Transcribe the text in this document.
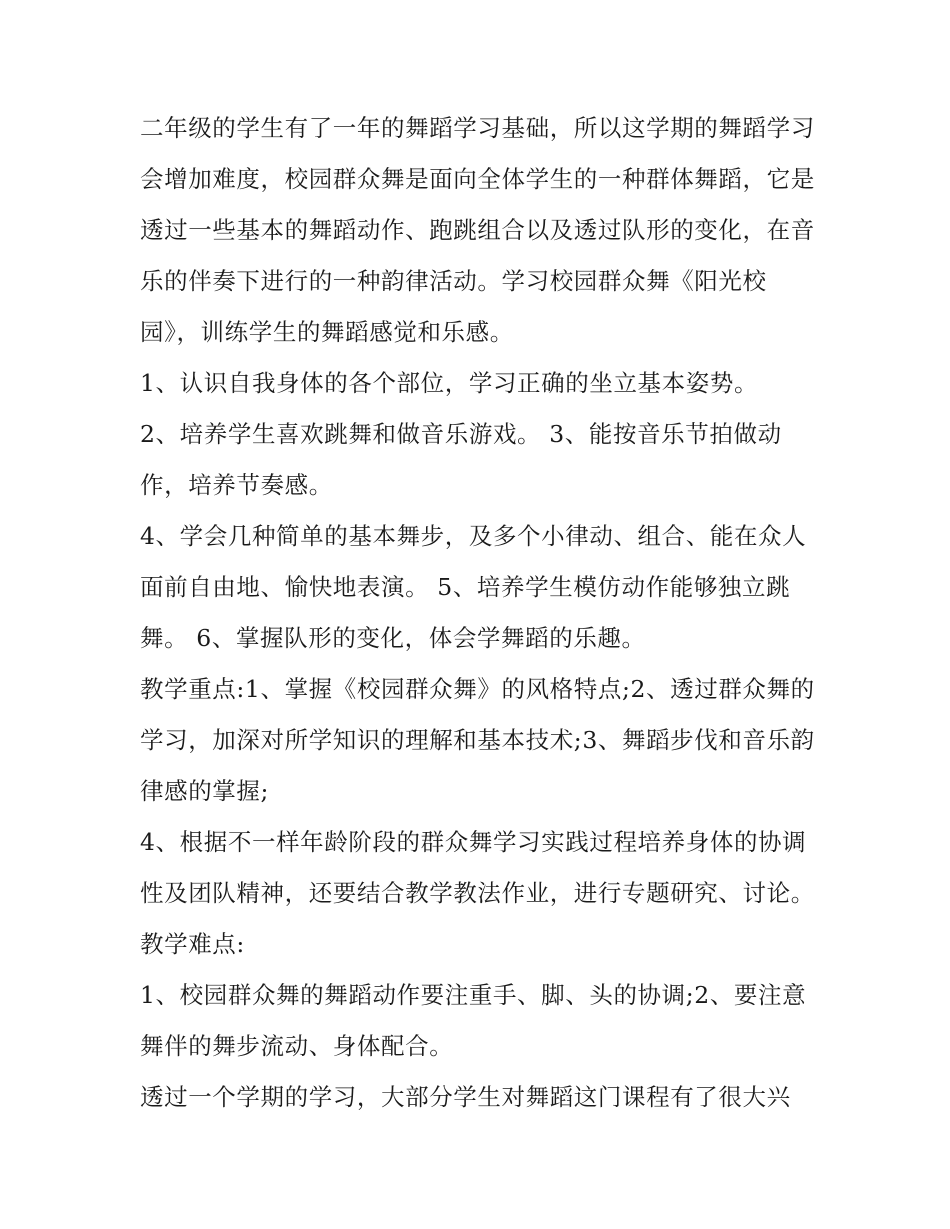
二年级的学生有了一年的舞蹈学习基础，所以这学期的舞蹈学习会增加难度，校园群众舞是面向全体学生的一种群体舞蹈，它是透过一些基本的舞蹈动作、跑跳组合以及透过队形的变化，在音乐的伴奏下进行的一种韵律活动。学习校园群众舞《阳光校园》，训练学生的舞蹈感觉和乐感。

1、认识自我身体的各个部位，学习正确的坐立基本姿势。

2、培养学生喜欢跳舞和做音乐游戏。 3、能按音乐节拍做动作，培养节奏感。

4、学会几种简单的基本舞步，及多个小律动、组合、能在众人面前自由地、愉快地表演。 5、培养学生模仿动作能够独立跳舞。 6、掌握队形的变化，体会学舞蹈的乐趣。

教学重点:1、掌握《校园群众舞》的风格特点;2、透过群众舞的学习，加深对所学知识的理解和基本技术;3、舞蹈步伐和音乐韵律感的掌握;

4、根据不一样年龄阶段的群众舞学习实践过程培养身体的协调性及团队精神，还要结合教学教法作业，进行专题研究、讨论。 教学难点:

1、校园群众舞的舞蹈动作要注重手、脚、头的协调;2、要注意舞伴的舞步流动、身体配合。

透过一个学期的学习，大部分学生对舞蹈这门课程有了很大兴
